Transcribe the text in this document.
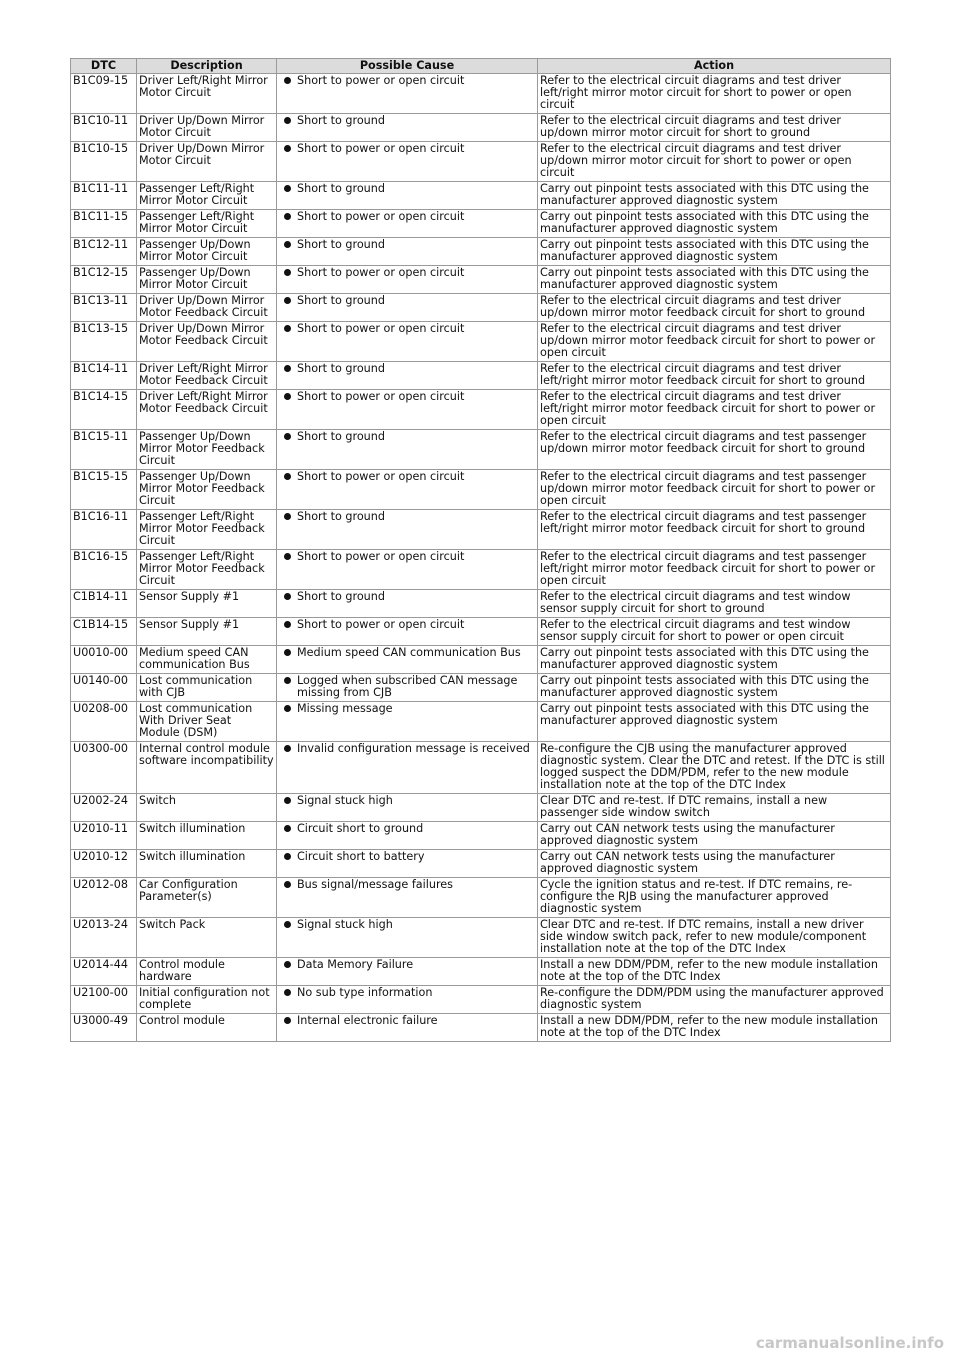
DTC	Description	Possible Cause	Action
B1C09-15	Driver Left/Right Mirror Motor Circuit	Short to power or open circuit	Refer to the electrical circuit diagrams and test driver left/right mirror motor circuit for short to power or open circuit
B1C10-11	Driver Up/Down Mirror Motor Circuit	Short to ground	Refer to the electrical circuit diagrams and test driver up/down mirror motor circuit for short to ground
B1C10-15	Driver Up/Down Mirror Motor Circuit	Short to power or open circuit	Refer to the electrical circuit diagrams and test driver up/down mirror motor circuit for short to power or open circuit
B1C11-11	Passenger Left/Right Mirror Motor Circuit	Short to ground	Carry out pinpoint tests associated with this DTC using the manufacturer approved diagnostic system
B1C11-15	Passenger Left/Right Mirror Motor Circuit	Short to power or open circuit	Carry out pinpoint tests associated with this DTC using the manufacturer approved diagnostic system
B1C12-11	Passenger Up/Down Mirror Motor Circuit	Short to ground	Carry out pinpoint tests associated with this DTC using the manufacturer approved diagnostic system
B1C12-15	Passenger Up/Down Mirror Motor Circuit	Short to power or open circuit	Carry out pinpoint tests associated with this DTC using the manufacturer approved diagnostic system
B1C13-11	Driver Up/Down Mirror Motor Feedback Circuit	Short to ground	Refer to the electrical circuit diagrams and test driver up/down mirror motor feedback circuit for short to ground
B1C13-15	Driver Up/Down Mirror Motor Feedback Circuit	Short to power or open circuit	Refer to the electrical circuit diagrams and test driver up/down mirror motor feedback circuit for short to power or open circuit
B1C14-11	Driver Left/Right Mirror Motor Feedback Circuit	Short to ground	Refer to the electrical circuit diagrams and test driver left/right mirror motor feedback circuit for short to ground
B1C14-15	Driver Left/Right Mirror Motor Feedback Circuit	Short to power or open circuit	Refer to the electrical circuit diagrams and test driver left/right mirror motor feedback circuit for short to power or open circuit
B1C15-11	Passenger Up/Down Mirror Motor Feedback Circuit	Short to ground	Refer to the electrical circuit diagrams and test passenger up/down mirror motor feedback circuit for short to ground
B1C15-15	Passenger Up/Down Mirror Motor Feedback Circuit	Short to power or open circuit	Refer to the electrical circuit diagrams and test passenger up/down mirror motor feedback circuit for short to power or open circuit
B1C16-11	Passenger Left/Right Mirror Motor Feedback Circuit	Short to ground	Refer to the electrical circuit diagrams and test passenger left/right mirror motor feedback circuit for short to ground
B1C16-15	Passenger Left/Right Mirror Motor Feedback Circuit	Short to power or open circuit	Refer to the electrical circuit diagrams and test passenger left/right mirror motor feedback circuit for short to power or open circuit
C1B14-11	Sensor Supply #1	Short to ground	Refer to the electrical circuit diagrams and test window sensor supply circuit for short to ground
C1B14-15	Sensor Supply #1	Short to power or open circuit	Refer to the electrical circuit diagrams and test window sensor supply circuit for short to power or open circuit
U0010-00	Medium speed CAN communication Bus	Medium speed CAN communication Bus	Carry out pinpoint tests associated with this DTC using the manufacturer approved diagnostic system
U0140-00	Lost communication with CJB	Logged when subscribed CAN message missing from CJB	Carry out pinpoint tests associated with this DTC using the manufacturer approved diagnostic system
U0208-00	Lost communication With Driver Seat Module (DSM)	Missing message	Carry out pinpoint tests associated with this DTC using the manufacturer approved diagnostic system
U0300-00	Internal control module software incompatibility	Invalid configuration message is received	Re-configure the CJB using the manufacturer approved diagnostic system. Clear the DTC and retest. If the DTC is still logged suspect the DDM/PDM, refer to the new module installation note at the top of the DTC Index
U2002-24	Switch	Signal stuck high	Clear DTC and re-test. If DTC remains, install a new passenger side window switch
U2010-11	Switch illumination	Circuit short to ground	Carry out CAN network tests using the manufacturer approved diagnostic system
U2010-12	Switch illumination	Circuit short to battery	Carry out CAN network tests using the manufacturer approved diagnostic system
U2012-08	Car Configuration Parameter(s)	Bus signal/message failures	Cycle the ignition status and re-test. If DTC remains, re-configure the RJB using the manufacturer approved diagnostic system
U2013-24	Switch Pack	Signal stuck high	Clear DTC and re-test. If DTC remains, install a new driver side window switch pack, refer to new module/component installation note at the top of the DTC Index
U2014-44	Control module hardware	Data Memory Failure	Install a new DDM/PDM, refer to the new module installation note at the top of the DTC Index
U2100-00	Initial configuration not complete	No sub type information	Re-configure the DDM/PDM using the manufacturer approved diagnostic system
U3000-49	Control module	Internal electronic failure	Install a new DDM/PDM, refer to the new module installation note at the top of the DTC Index
carmanualsonline.info
